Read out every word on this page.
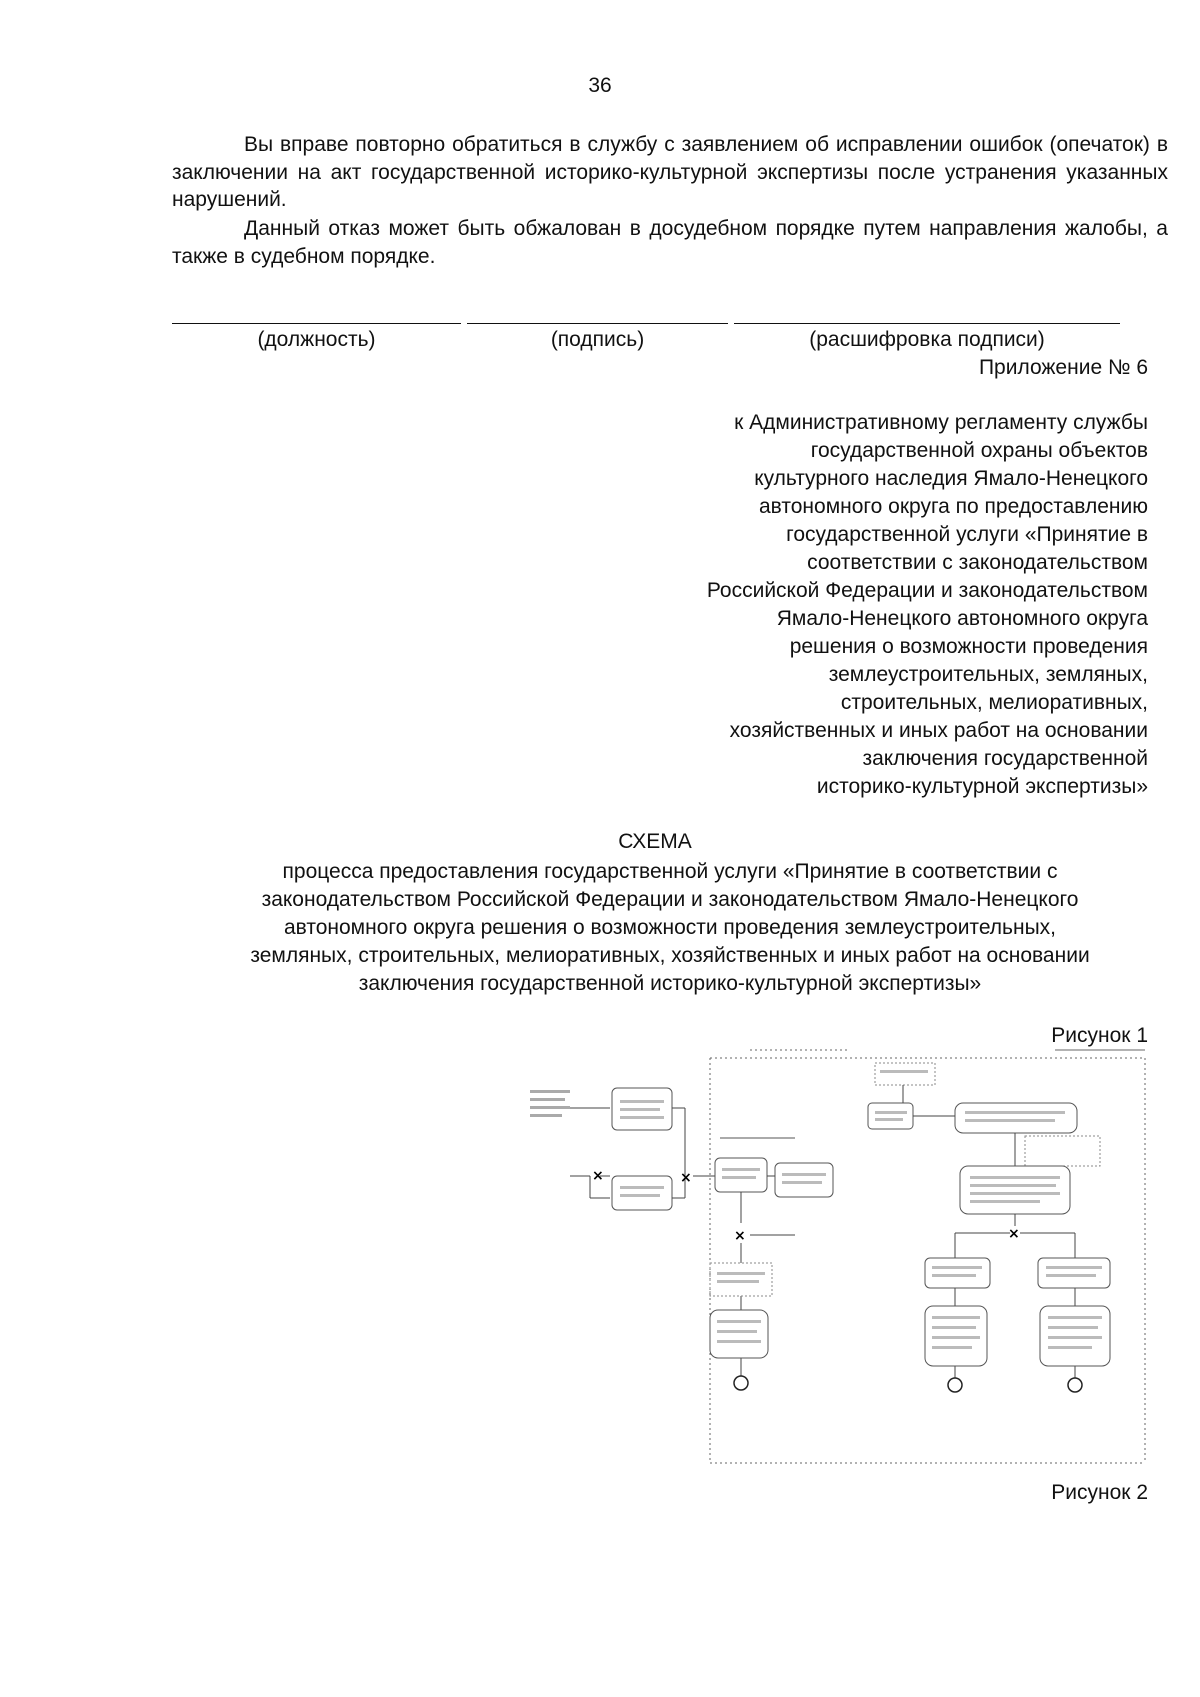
36

Вы вправе повторно обратиться в службу с заявлением об исправлении ошибок (опечаток) в заключении на акт государственной историко-культурной экспертизы после устранения указанных нарушений.

Данный отказ может быть обжалован в досудебном порядке путем направления жалобы, а также в судебном порядке.

(должность)	(подпись)	(расшифровка подписи)
Приложение № 6
к Административному регламенту службы
государственной охраны объектов
культурного наследия Ямало-Ненецкого
автономного округа по предоставлению
государственной услуги «Принятие в
соответствии с законодательством
Российской Федерации и законодательством
Ямало-Ненецкого автономного округа
решения о возможности проведения
землеустроительных, земляных,
строительных, мелиоративных,
хозяйственных и иных работ на основании
заключения государственной
историко-культурной экспертизы»
СХЕМА
процесса предоставления государственной услуги «Принятие в соответствии с
законодательством Российской Федерации и законодательством Ямало-Ненецкого
автономного округа решения о возможности проведения землеустроительных,
земляных, строительных, мелиоративных, хозяйственных и иных работ на основании
заключения государственной историко-культурной экспертизы»
Рисунок 1
×	×
×	×
Рисунок 2
